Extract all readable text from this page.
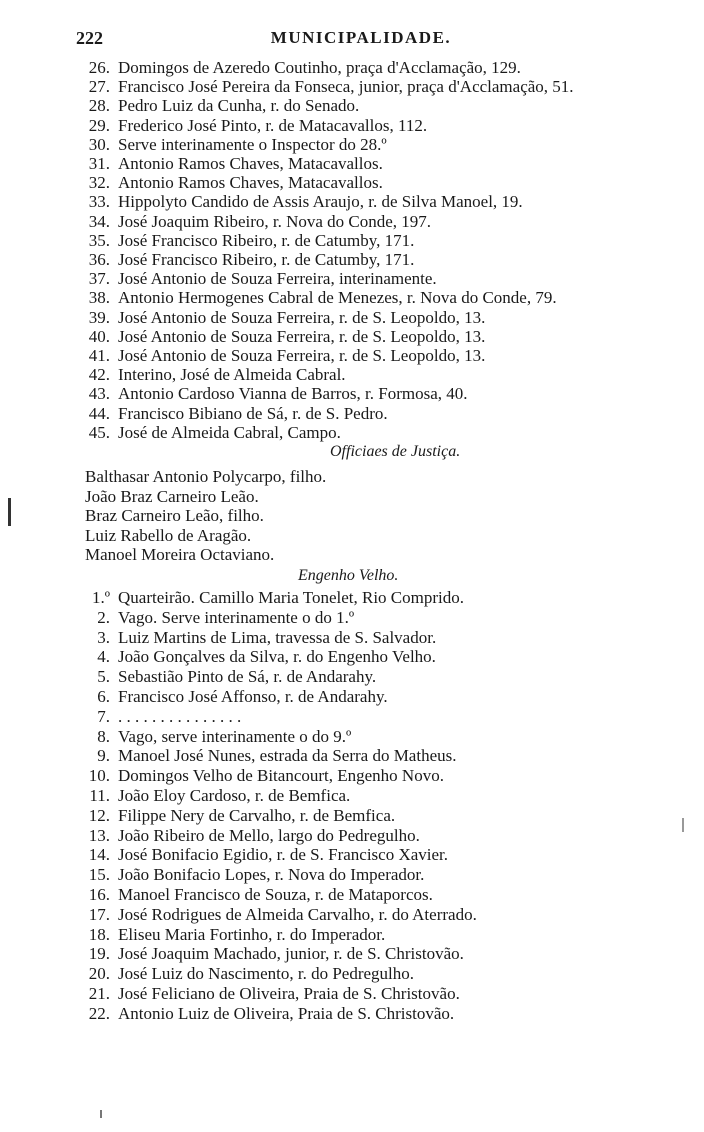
222	MUNICIPALIDADE.
26. Domingos de Azeredo Coutinho, praça d'Acclamação, 129.
27. Francisco José Pereira da Fonseca, junior, praça d'Acclamação, 51.
28. Pedro Luiz da Cunha, r. do Senado.
29. Frederico José Pinto, r. de Matacavallos, 112.
30. Serve interinamente o Inspector do 28.º
31. Antonio Ramos Chaves, Matacavallos.
32. Antonio Ramos Chaves, Matacavallos.
33. Hippolyto Candido de Assis Araujo, r. de Silva Manoel, 19.
34. José Joaquim Ribeiro, r. Nova do Conde, 197.
35. José Francisco Ribeiro, r. de Catumby, 171.
36. José Francisco Ribeiro, r. de Catumby, 171.
37. José Antonio de Souza Ferreira, interinamente.
38. Antonio Hermogenes Cabral de Menezes, r. Nova do Conde, 79.
39. José Antonio de Souza Ferreira, r. de S. Leopoldo, 13.
40. José Antonio de Souza Ferreira, r. de S. Leopoldo, 13.
41. José Antonio de Souza Ferreira, r. de S. Leopoldo, 13.
42. Interino, José de Almeida Cabral.
43. Antonio Cardoso Vianna de Barros, r. Formosa, 40.
44. Francisco Bibiano de Sá, r. de S. Pedro.
45. José de Almeida Cabral, Campo.
Officiaes de Justiça.
Balthasar Antonio Polycarpo, filho.
João Braz Carneiro Leão.
Braz Carneiro Leão, filho.
Luiz Rabello de Aragão.
Manoel Moreira Octaviano.
Engenho Velho.
1.º Quarteirão. Camillo Maria Tonelet, Rio Comprido.
2. Vago. Serve interinamente o do 1.º
3. Luiz Martins de Lima, travessa de S. Salvador.
4. João Gonçalves da Silva, r. do Engenho Velho.
5. Sebastião Pinto de Sá, r. de Andarahy.
6. Francisco José Affonso, r. de Andarahy.
7. . . . . . . . . . . . . . . .
8. Vago, serve interinamente o do 9.º
9. Manoel José Nunes, estrada da Serra do Matheus.
10. Domingos Velho de Bitancourt, Engenho Novo.
11. João Eloy Cardoso, r. de Bemfica.
12. Filippe Nery de Carvalho, r. de Bemfica.
13. João Ribeiro de Mello, largo do Pedregulho.
14. José Bonifacio Egidio, r. de S. Francisco Xavier.
15. João Bonifacio Lopes, r. Nova do Imperador.
16. Manoel Francisco de Souza, r. de Mataporcos.
17. José Rodrigues de Almeida Carvalho, r. do Aterrado.
18. Eliseu Maria Fortinho, r. do Imperador.
19. José Joaquim Machado, junior, r. de S. Christovão.
20. José Luiz do Nascimento, r. do Pedregulho.
21. José Feliciano de Oliveira, Praia de S. Christovão.
22. Antonio Luiz de Oliveira, Praia de S. Christovão.
